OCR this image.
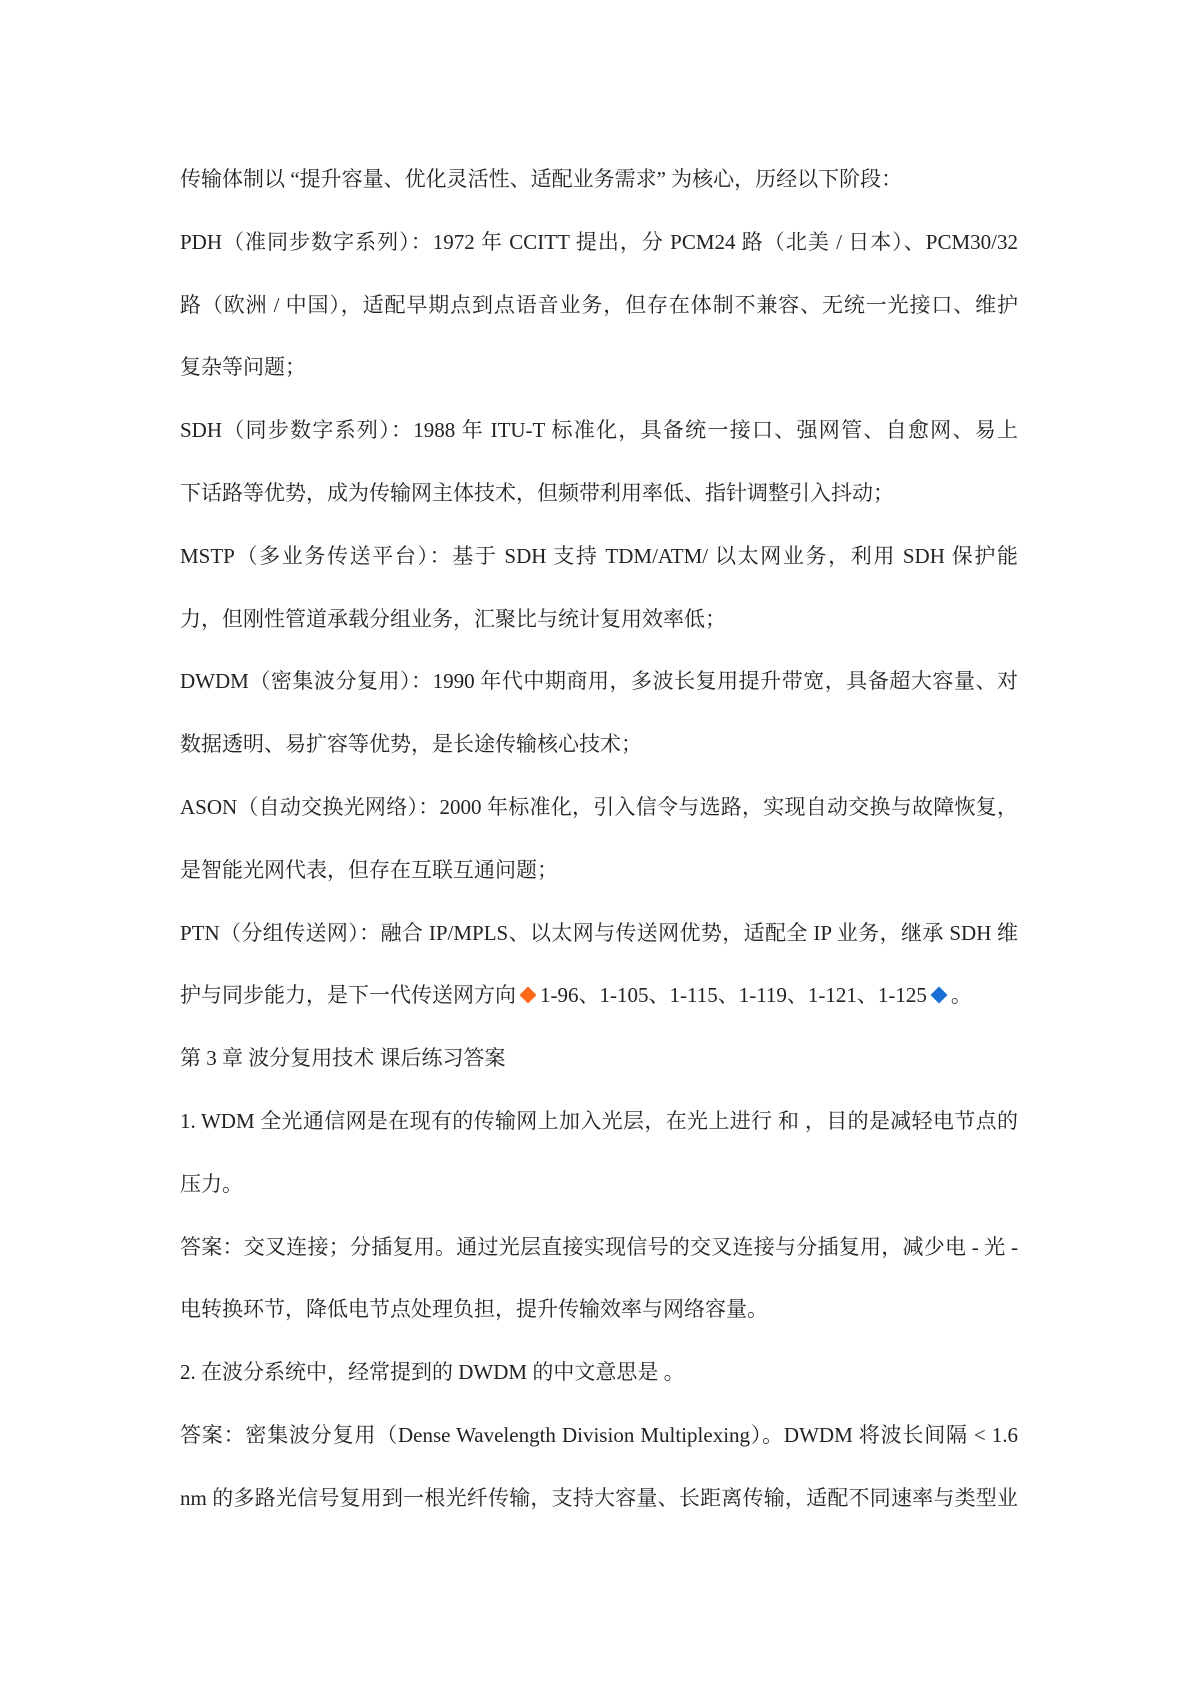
传输体制以 “提升容量、优化灵活性、适配业务需求” 为核心，历经以下阶段：
PDH（准同步数字系列）：1972 年 CCITT 提出，分 PCM24 路（北美 / 日本）、PCM30/32
路（欧洲 / 中国），适配早期点到点语音业务，但存在体制不兼容、无统一光接口、维护
复杂等问题；
SDH（同步数字系列）：1988 年 ITU-T 标准化，具备统一接口、强网管、自愈网、易上
下话路等优势，成为传输网主体技术，但频带利用率低、指针调整引入抖动；
MSTP（多业务传送平台）：基于 SDH 支持 TDM/ATM/ 以太网业务，利用 SDH 保护能
力，但刚性管道承载分组业务，汇聚比与统计复用效率低；
DWDM（密集波分复用）：1990 年代中期商用，多波长复用提升带宽，具备超大容量、对
数据透明、易扩容等优势，是长途传输核心技术；
ASON（自动交换光网络）：2000 年标准化，引入信令与选路，实现自动交换与故障恢复，
是智能光网代表，但存在互联互通问题；
PTN（分组传送网）：融合 IP/MPLS、以太网与传送网优势，适配全 IP 业务，继承 SDH 维
护与同步能力，是下一代传送网方向 1-96、1-105、1-115、1-119、1-121、1-125 。
第 3 章 波分复用技术 课后练习答案
1. WDM 全光通信网是在现有的传输网上加入光层，在光上进行 和 ，目的是减轻电节点的
压力。
答案：交叉连接；分插复用。通过光层直接实现信号的交叉连接与分插复用，减少电 - 光 -
电转换环节，降低电节点处理负担，提升传输效率与网络容量。
2. 在波分系统中，经常提到的 DWDM 的中文意思是 。
答案：密集波分复用（Dense Wavelength Division Multiplexing）。DWDM 将波长间隔 < 1.6
nm 的多路光信号复用到一根光纤传输，支持大容量、长距离传输，适配不同速率与类型业
